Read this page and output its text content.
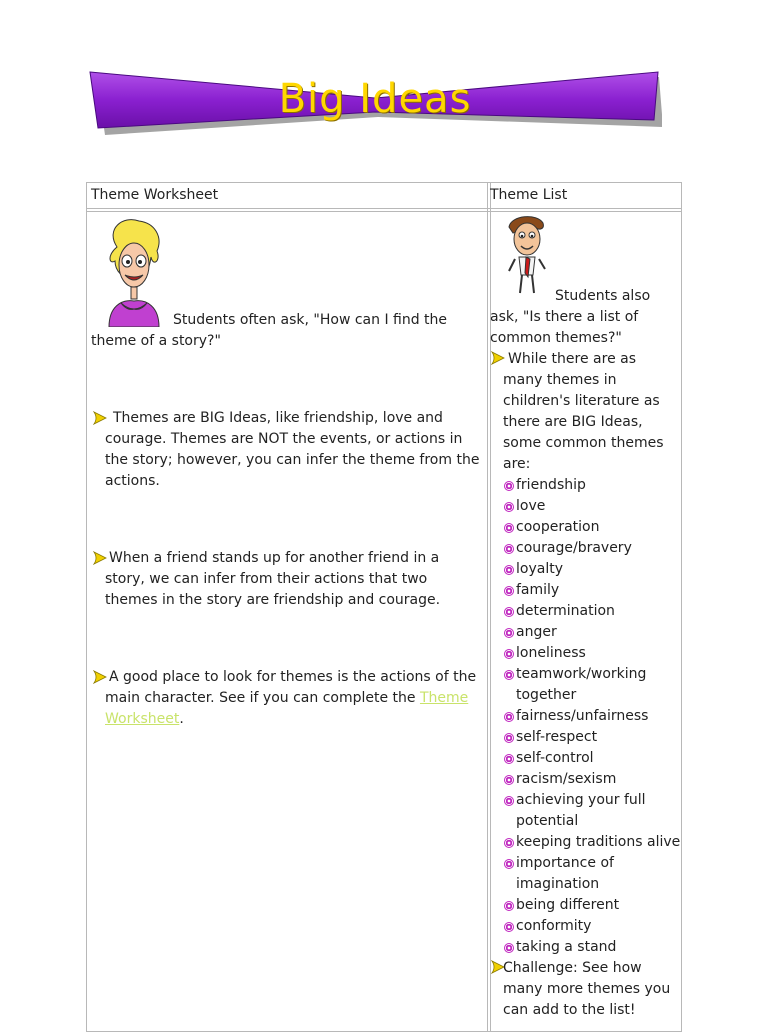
Big Ideas
Theme Worksheet	Theme List
Students often ask, "How can I find the
theme of a story?"
Themes are BIG Ideas, like friendship, love and
courage. Themes are NOT the events, or actions in
the story; however, you can infer the theme from the
actions.
When a friend stands up for another friend in a
story, we can infer from their actions that two
themes in the story are friendship and courage.
A good place to look for themes is the actions of the
main character. See if you can complete the Theme
Worksheet.
Students also
ask, "Is there a list of
common themes?"
While there are as
many themes in
children's literature as
there are BIG Ideas,
some common themes
are:
friendship
love
cooperation
courage/bravery
loyalty
family
determination
anger
loneliness
teamwork/working together
fairness/unfairness
self-respect
self-control
racism/sexism
achieving your full potential
keeping traditions alive
importance of imagination
being different
conformity
taking a stand
Challenge: See how
many more themes you
can add to the list!
